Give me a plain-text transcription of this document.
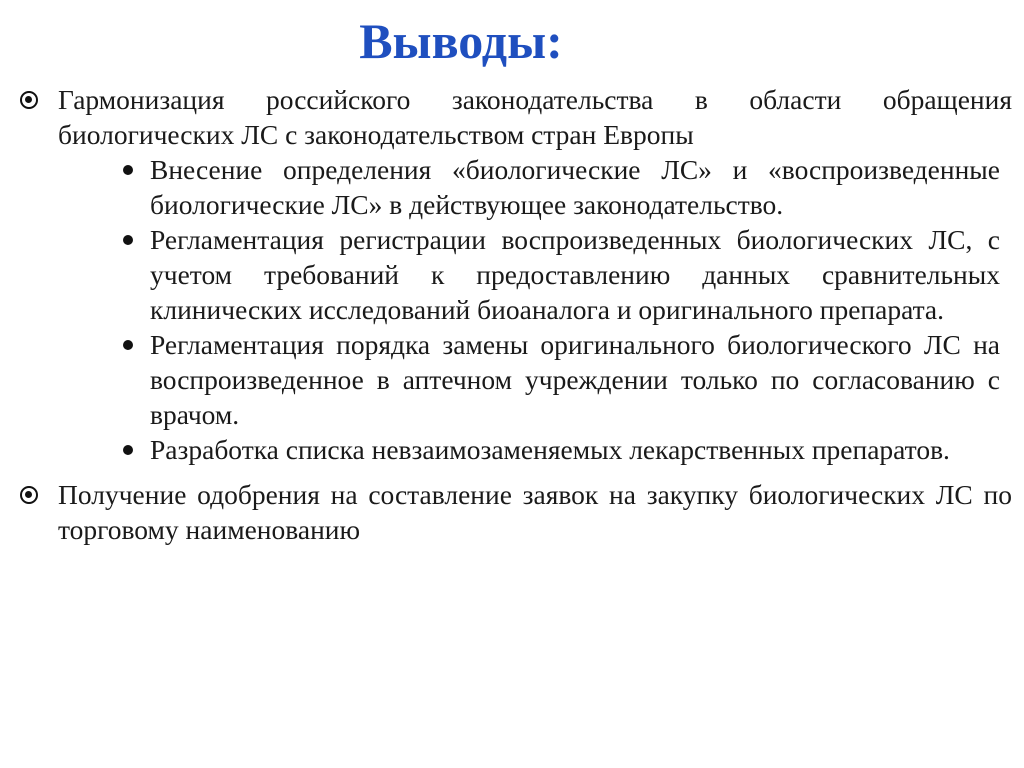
Выводы:
Гармонизация российского законодательства в области обращения биологических ЛС с законодательством стран Европы
Внесение определения «биологические ЛС» и «воспроизведенные биологические ЛС» в действующее законодательство.
Регламентация регистрации воспроизведенных биологических ЛС, с учетом требований к предоставлению данных сравнительных клинических исследований биоаналога и оригинального препарата.
Регламентация порядка замены оригинального биологического ЛС на воспроизведенное в аптечном учреждении только по согласованию с врачом.
Разработка списка невзаимозаменяемых лекарственных препаратов.
Получение одобрения на составление заявок на закупку биологических ЛС по торговому наименованию
